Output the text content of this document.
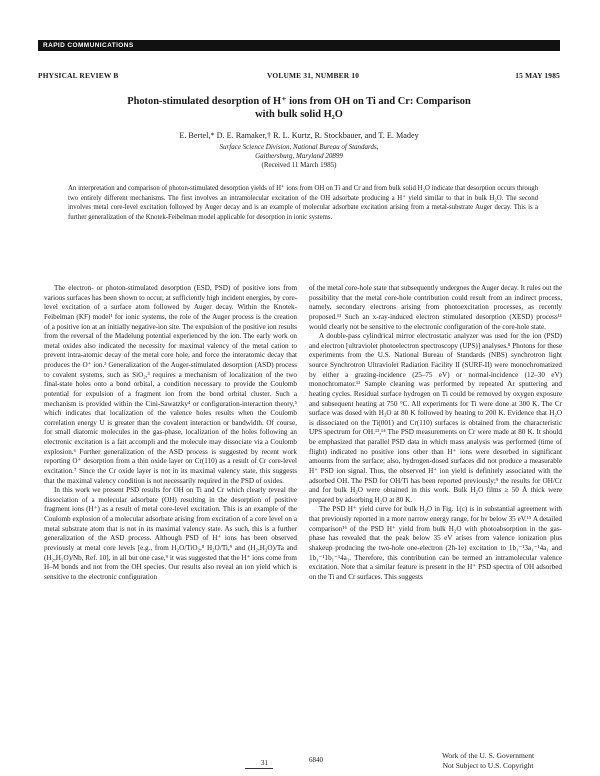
RAPID COMMUNICATIONS
PHYSICAL REVIEW B	VOLUME 31, NUMBER 10	15 MAY 1985
Photon-stimulated desorption of H⁺ ions from OH on Ti and Cr: Comparison
with bulk solid H₂O
E. Bertel,* D. E. Ramaker,† R. L. Kurtz, R. Stockbauer, and T. E. Madey
Surface Science Division, National Bureau of Standards,
Gaithersburg, Maryland 20899
(Received 11 March 1985)

An interpretation and comparison of photon-stimulated desorption yields of H⁺ ions from OH on Ti and Cr and from bulk solid H₂O indicate that desorption occurs through two entirely different mechanisms. The first involves an intramolecular excitation of the OH adsorbate producing a H⁺ yield similar to that in bulk H₂O. The second involves metal core-level excitation followed by Auger decay and is an example of molecular adsorbate excitation arising from a metal-substrate Auger decay. This is a further generalization of the Knotek-Feibelman model applicable for desorption in ionic systems.

The electron- or photon-stimulated desorption (ESD, PSD) of positive ions from various surfaces has been shown to occur, at sufficiently high incident energies, by core-level excitation of a surface atom followed by Auger decay. Within the Knotek-Feibelman (KF) model¹ for ionic systems, the role of the Auger process is the creation of a positive ion at an initially negative-ion site. The expulsion of the positive ion results from the reversal of the Madelung potential experienced by the ion. The early work on metal oxides also indicated the necessity for maximal valency of the metal cation to prevent intra-atomic decay of the metal core hole, and force the interatomic decay that produces the O⁺ ion.² Generalization of the Auger-stimulated desorption (ASD) process to covalent systems, such as SiO₂,³ requires a mechanism of localization of the two final-state holes onto a bond orbital, a condition necessary to provide the Coulomb potential for expulsion of a fragment ion from the bond orbital cluster. Such a mechanism is provided within the Cini-Sawatzky⁴ or configuration-interaction theory,⁵ which indicates that localization of the valence holes results when the Coulomb correlation energy U is greater than the covalent interaction or bandwidth. Of course, for small diatomic molecules in the gas-phase, localization of the holes following an electronic excitation is a fait accompli and the molecule may dissociate via a Coulomb explosion.⁶ Further generalization of the ASD process is suggested by recent work reporting O⁺ desorption from a thin oxide layer on Cr(110) as a result of Cr core-level excitation.⁷ Since the Cr oxide layer is not in its maximal valency state, this suggests that the maximal valency condition is not necessarily required in the PSD of oxides.

In this work we present PSD results for OH on Ti and Cr which clearly reveal the dissociation of a molecular adsorbate (OH) resulting in the desorption of positive fragment ions (H⁺) as a result of metal core-level excitation. This is an example of the Coulomb explosion of a molecular adsorbate arising from excitation of a core level on a metal substrate atom that is not in its maximal valency state. As such, this is a further generalization of the ASD process. Although PSD of H⁺ ions has been observed previously at metal core levels [e.g., from H₂O/TiO₂,⁸ H₂O/Ti,⁹ and (H₂,H₂O)/Ta and (H₂,H₂O)/Nb, Ref. 10], in all but one case,⁹ it was suggested that the H⁺ ions come from H–M bonds and not from the OH species. Our results also reveal an ion yield which is sensitive to the electronic configuration

of the metal core-hole state that subsequently undergoes the Auger decay. It rules out the possibility that the metal core-hole contribution could result from an indirect process, namely, secondary electrons arising from photoexcitation processes, as recently proposed.¹¹ Such an x-ray-induced electron stimulated desorption (XESD) process¹¹ would clearly not be sensitive to the electronic configuration of the core-hole state.

A double-pass cylindrical mirror electrostatic analyzer was used for the ion (PSD) and electron [ultraviolet photoelectron spectroscopy (UPS)] analyses.⁸ Photons for these experiments from the U.S. National Bureau of Standards (NBS) synchrotron light source Synchrotron Ultraviolet Radiation Facility II (SURF-II) were monochromatized by either a grazing-incidence (25–75 eV) or normal-incidence (12–30 eV) monochromator.¹² Sample cleaning was performed by repeated Ar sputtering and heating cycles. Residual surface hydrogen on Ti could be removed by oxygen exposure and subsequent heating at 750 °C. All experiments for Ti were done at 300 K. The Cr surface was dosed with H₂O at 80 K followed by heating to 200 K. Evidence that H₂O is dissociated on the Ti(001) and Cr(110) surfaces is obtained from the characteristic UPS spectrum for OH.¹³,¹⁴ The PSD measurements on Cr were made at 80 K. It should be emphasized that parallel PSD data in which mass analysis was performed (time of flight) indicated no positive ions other than H⁺ ions were desorbed in significant amounts from the surface; also, hydrogen-dosed surfaces did not produce a measurable H⁺ PSD ion signal. Thus, the observed H⁺ ion yield is definitely associated with the adsorbed OH. The PSD for OH/Ti has been reported previously;⁹ the results for OH/Cr and for bulk H₂O were obtained in this work. Bulk H₂O films ≥ 50 Å thick were prepared by adsorbing H₂O at 80 K.

The PSD H⁺ yield curve for bulk H₂O in Fig. 1(c) is in substantial agreement with that previously reported in a more narrow energy range, for hν below 35 eV.¹⁵ A detailed comparison¹⁶ of the PSD H⁺ yield from bulk H₂O with photoabsorption in the gas-phase has revealed that the peak below 35 eV arises from valence ionization plus shakeup producing the two-hole one-electron (2h-1e) excitation to 1b₁⁻¹3a₁⁻¹4a₁ and 1b₁⁻¹1b₁⁻¹4a₁. Therefore, this contribution can be termed an intramolecular valence excitation. Note that a similar feature is present in the H⁺ PSD spectra of OH adsorbed on the Ti and Cr surfaces. This suggests

31	6840	Work of the U. S. Government
Not Subject to U.S. Copyright
